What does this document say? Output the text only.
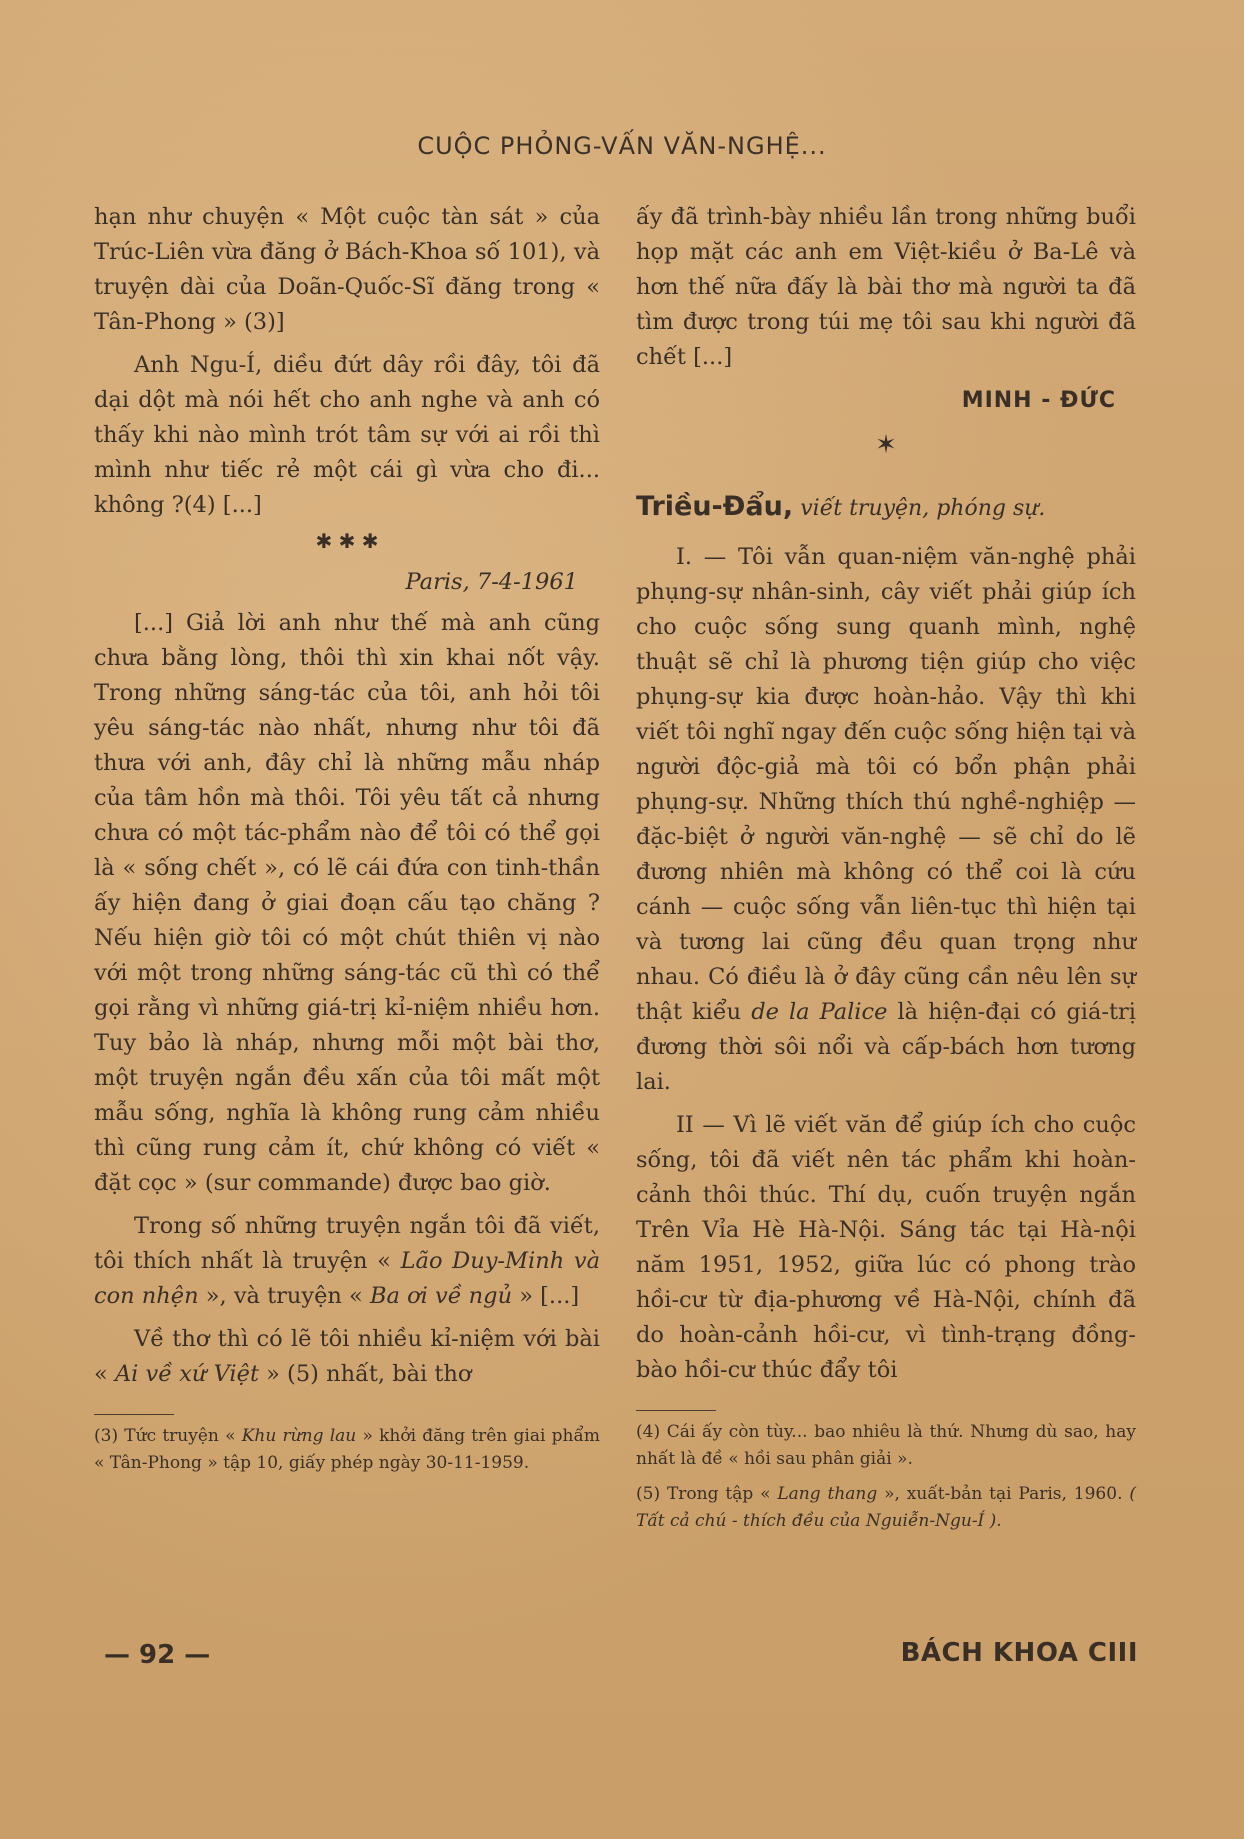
CUỘC PHỎNG-VẤN VĂN-NGHỆ...

hạn như chuyện « Một cuộc tàn sát » của Trúc-Liên vừa đăng ở Bách-Khoa số 101), và truyện dài của Doãn-Quốc-Sĩ đăng trong « Tân-Phong » (3)]

Anh Ngu-Í, diều đứt dây rồi đây, tôi đã dại dột mà nói hết cho anh nghe và anh có thấy khi nào mình trót tâm sự với ai rồi thì mình như tiếc rẻ một cái gì vừa cho đi... không ?(4) [...]

✱ ✱ ✱
Paris, 7-4-1961

[...] Giả lời anh như thế mà anh cũng chưa bằng lòng, thôi thì xin khai nốt vậy. Trong những sáng-tác của tôi, anh hỏi tôi yêu sáng-tác nào nhất, nhưng như tôi đã thưa với anh, đây chỉ là những mẫu nháp của tâm hồn mà thôi. Tôi yêu tất cả nhưng chưa có một tác-phẩm nào để tôi có thể gọi là « sống chết », có lẽ cái đứa con tinh-thần ấy hiện đang ở giai đoạn cấu tạo chăng ? Nếu hiện giờ tôi có một chút thiên vị nào với một trong những sáng-tác cũ thì có thể gọi rằng vì những giá-trị kỉ-niệm nhiều hơn. Tuy bảo là nháp, nhưng mỗi một bài thơ, một truyện ngắn đều xấn của tôi mất một mẫu sống, nghĩa là không rung cảm nhiều thì cũng rung cảm ít, chứ không có viết « đặt cọc » (sur commande) được bao giờ.

Trong số những truyện ngắn tôi đã viết, tôi thích nhất là truyện « Lão Duy-Minh và con nhện », và truyện « Ba ơi về ngủ » [...]

Về thơ thì có lẽ tôi nhiều kỉ-niệm với bài « Ai về xứ Việt » (5) nhất, bài thơ

(3) Tức truyện « Khu rừng lau » khởi đăng trên giai phẩm « Tân-Phong » tập 10, giấy phép ngày 30-11-1959.

ấy đã trình-bày nhiều lần trong những buổi họp mặt các anh em Việt-kiều ở Ba-Lê và hơn thế nữa đấy là bài thơ mà người ta đã tìm được trong túi mẹ tôi sau khi người đã chết [...]

MINH - ĐỨC
✶
Triều-Đẩu, viết truyện, phóng sự.

I. — Tôi vẫn quan-niệm văn-nghệ phải phụng-sự nhân-sinh, cây viết phải giúp ích cho cuộc sống sung quanh mình, nghệ thuật sẽ chỉ là phương tiện giúp cho việc phụng-sự kia được hoàn-hảo. Vậy thì khi viết tôi nghĩ ngay đến cuộc sống hiện tại và người độc-giả mà tôi có bổn phận phải phụng-sự. Những thích thú nghề-nghiệp — đặc-biệt ở người văn-nghệ — sẽ chỉ do lẽ đương nhiên mà không có thể coi là cứu cánh — cuộc sống vẫn liên-tục thì hiện tại và tương lai cũng đều quan trọng như nhau. Có điều là ở đây cũng cần nêu lên sự thật kiểu de la Palice là hiện-đại có giá-trị đương thời sôi nổi và cấp-bách hơn tương lai.

II — Vì lẽ viết văn để giúp ích cho cuộc sống, tôi đã viết nên tác phẩm khi hoàn-cảnh thôi thúc. Thí dụ, cuốn truyện ngắn Trên Vỉa Hè Hà-Nội. Sáng tác tại Hà-nội năm 1951, 1952, giữa lúc có phong trào hồi-cư từ địa-phương về Hà-Nội, chính đã do hoàn-cảnh hồi-cư, vì tình-trạng đồng-bào hồi-cư thúc đẩy tôi

(4) Cái ấy còn tùy... bao nhiêu là thứ. Nhưng dù sao, hay nhất là đề « hồi sau phân giải ».

(5) Trong tập « Lang thang », xuất-bản tại Paris, 1960. ( Tất cả chú - thích đều của Nguiễn-Ngu-Í ).

— 92 —	BÁCH KHOA CIII
